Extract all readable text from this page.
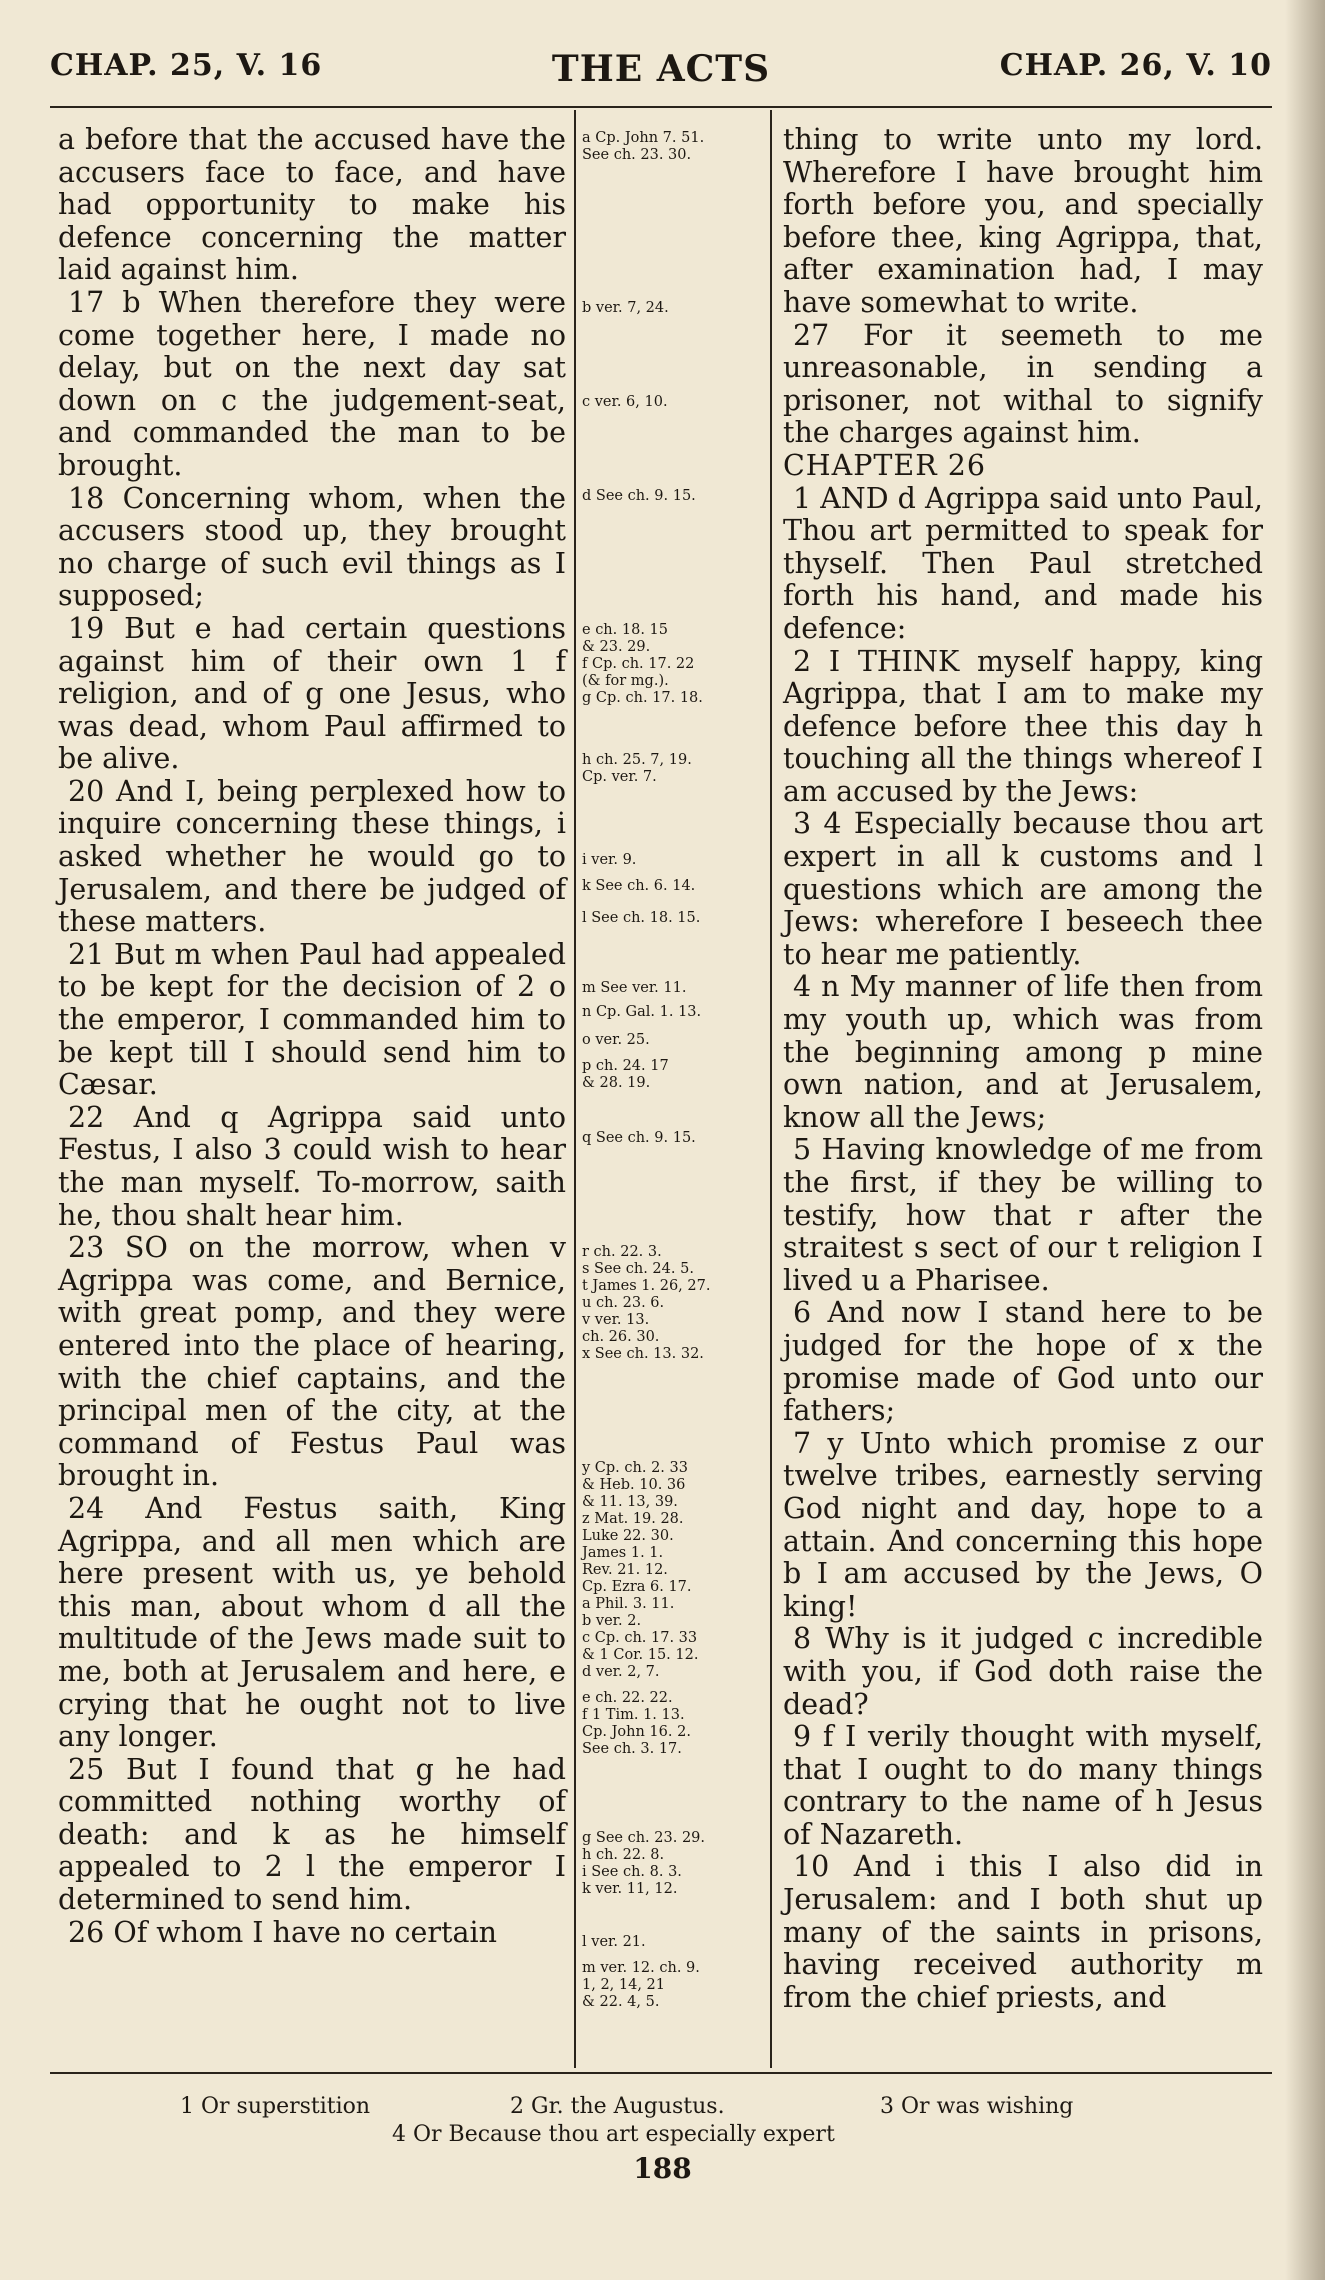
CHAP. 25, V. 16	THE ACTS	CHAP. 26, V. 10

a before that the accused have the accusers face to face, and have had opportunity to make his defence concerning the matter laid against him.

17 b When therefore they were come together here, I made no delay, but on the next day sat down on c the judgement-seat, and commanded the man to be brought.

18 Concerning whom, when the accusers stood up, they brought no charge of such evil things as I supposed;

19 But e had certain questions against him of their own 1 f religion, and of g one Jesus, who was dead, whom Paul affirmed to be alive.

20 And I, being perplexed how to inquire concerning these things, i asked whether he would go to Jerusalem, and there be judged of these matters.

21 But m when Paul had appealed to be kept for the decision of 2 o the emperor, I commanded him to be kept till I should send him to Cæsar.

22 And q Agrippa said unto Festus, I also 3 could wish to hear the man myself. To-morrow, saith he, thou shalt hear him.

23 SO on the morrow, when v Agrippa was come, and Bernice, with great pomp, and they were entered into the place of hearing, with the chief captains, and the principal men of the city, at the command of Festus Paul was brought in.

24 And Festus saith, King Agrippa, and all men which are here present with us, ye behold this man, about whom d all the multitude of the Jews made suit to me, both at Jerusalem and here, e crying that he ought not to live any longer.

25 But I found that g he had committed nothing worthy of death: and k as he himself appealed to 2 l the emperor I determined to send him.

26 Of whom I have no certain

a Cp. John 7. 51.
See ch. 23. 30.
b ver. 7, 24.
c ver. 6, 10.
d See ch. 9. 15.
e ch. 18. 15
& 23. 29.
f Cp. ch. 17. 22
(& for mg.).
g Cp. ch. 17. 18.
h ch. 25. 7, 19.
Cp. ver. 7.
i ver. 9.
k See ch. 6. 14.
l See ch. 18. 15.
m See ver. 11.
n Cp. Gal. 1. 13.
o ver. 25.
p ch. 24. 17
& 28. 19.
q See ch. 9. 15.
r ch. 22. 3.
s See ch. 24. 5.
t James 1. 26, 27.
u ch. 23. 6.
v ver. 13.
ch. 26. 30.
x See ch. 13. 32.
y Cp. ch. 2. 33
& Heb. 10. 36
& 11. 13, 39.
z Mat. 19. 28.
Luke 22. 30.
James 1. 1.
Rev. 21. 12.
Cp. Ezra 6. 17.
a Phil. 3. 11.
b ver. 2.
c Cp. ch. 17. 33
& 1 Cor. 15. 12.
d ver. 2, 7.
e ch. 22. 22.
f 1 Tim. 1. 13.
Cp. John 16. 2.
See ch. 3. 17.
g See ch. 23. 29.
h ch. 22. 8.
i See ch. 8. 3.
k ver. 11, 12.
l ver. 21.
m ver. 12. ch. 9.
1, 2, 14, 21
& 22. 4, 5.

thing to write unto my lord. Wherefore I have brought him forth before you, and specially before thee, king Agrippa, that, after examination had, I may have somewhat to write.

27 For it seemeth to me unreasonable, in sending a prisoner, not withal to signify the charges against him.

CHAPTER 26

1 AND d Agrippa said unto Paul, Thou art permitted to speak for thyself. Then Paul stretched forth his hand, and made his defence:

2 I THINK myself happy, king Agrippa, that I am to make my defence before thee this day h touching all the things whereof I am accused by the Jews:

3 4 Especially because thou art expert in all k customs and l questions which are among the Jews: wherefore I beseech thee to hear me patiently.

4 n My manner of life then from my youth up, which was from the beginning among p mine own nation, and at Jerusalem, know all the Jews;

5 Having knowledge of me from the first, if they be willing to testify, how that r after the straitest s sect of our t religion I lived u a Pharisee.

6 And now I stand here to be judged for the hope of x the promise made of God unto our fathers;

7 y Unto which promise z our twelve tribes, earnestly serving God night and day, hope to a attain. And concerning this hope b I am accused by the Jews, O king!

8 Why is it judged c incredible with you, if God doth raise the dead?

9 f I verily thought with myself, that I ought to do many things contrary to the name of h Jesus of Nazareth.

10 And i this I also did in Jerusalem: and I both shut up many of the saints in prisons, having received authority m from the chief priests, and

1 Or superstition	2 Gr. the Augustus.	3 Or was wishing
4 Or Because thou art especially expert
188
